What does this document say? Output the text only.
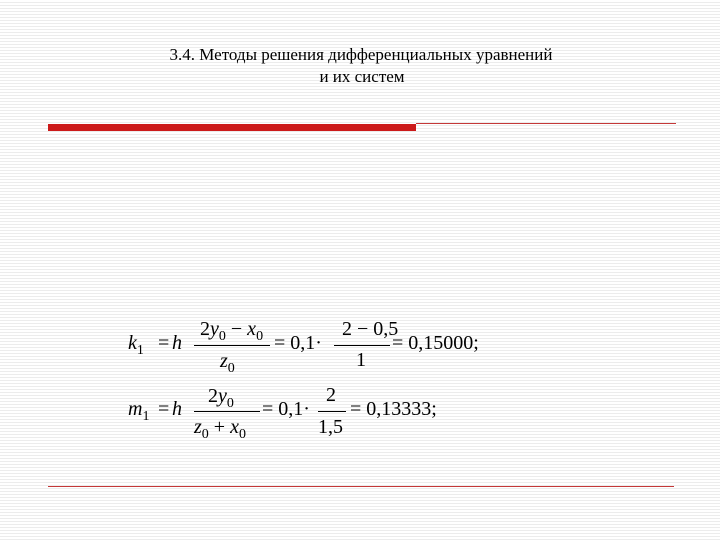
3.4. Методы решения дифференциальных уравнений
и их систем
$k_1 = h$
$2y_0 - x_0$
$z_0$
= 0,1·
2 − 0,5
1
= 0,15000;
$m_1 = h$
$2y_0$
$z_0 + x_0$
= 0,1·
2
1,5
= 0,13333;
